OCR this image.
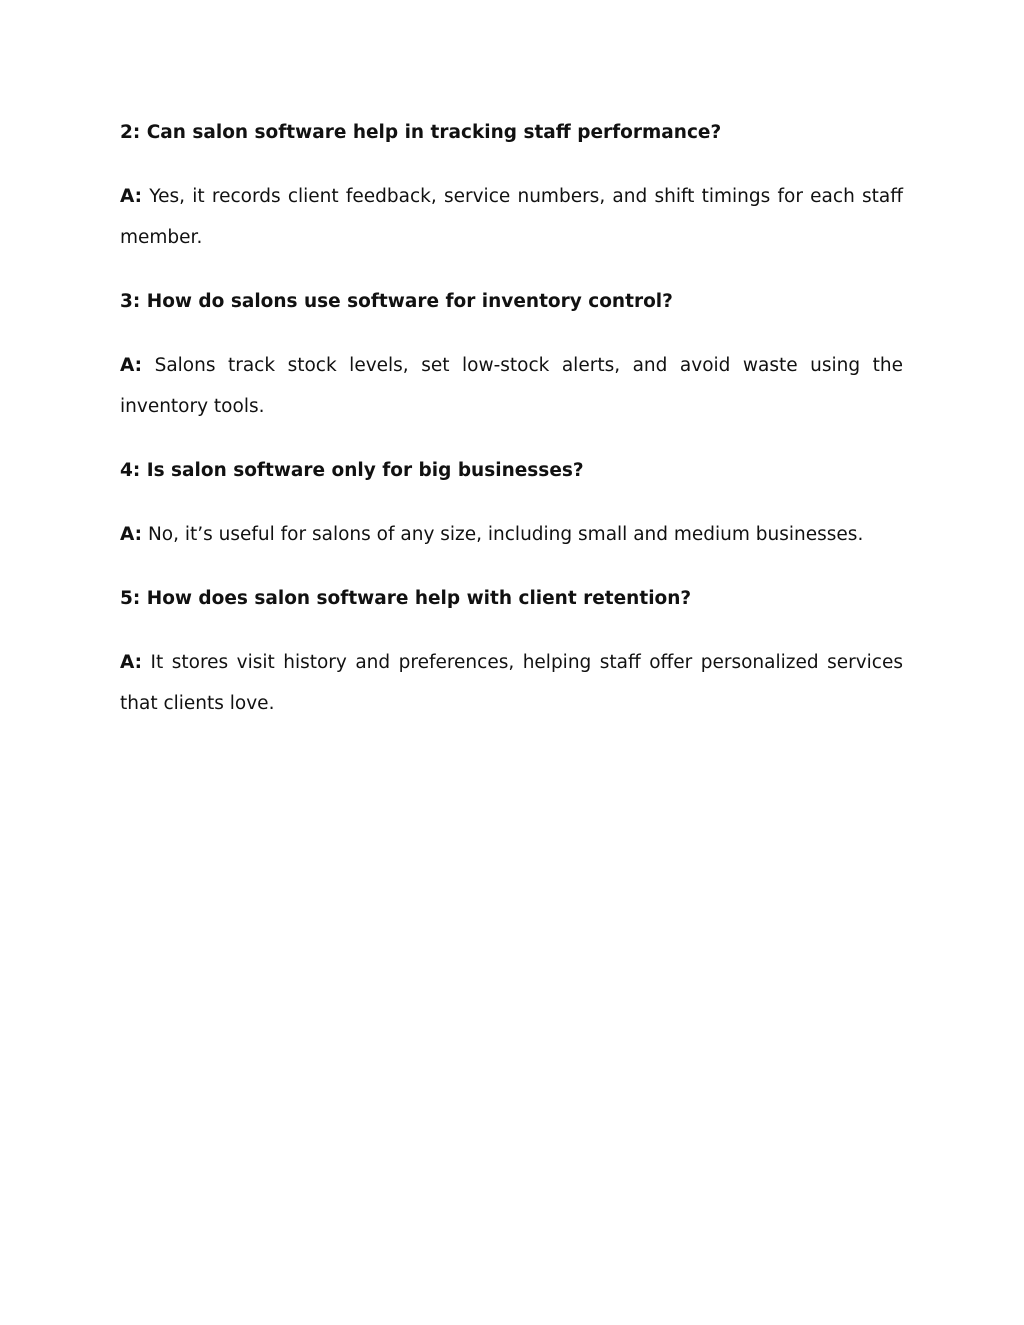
2: Can salon software help in tracking staff performance?

A: Yes, it records client feedback, service numbers, and shift timings for each staff member.

3: How do salons use software for inventory control?

A: Salons track stock levels, set low-stock alerts, and avoid waste using the inventory tools.

4: Is salon software only for big businesses?

A: No, it’s useful for salons of any size, including small and medium businesses.

5: How does salon software help with client retention?

A: It stores visit history and preferences, helping staff offer personalized services that clients love.
